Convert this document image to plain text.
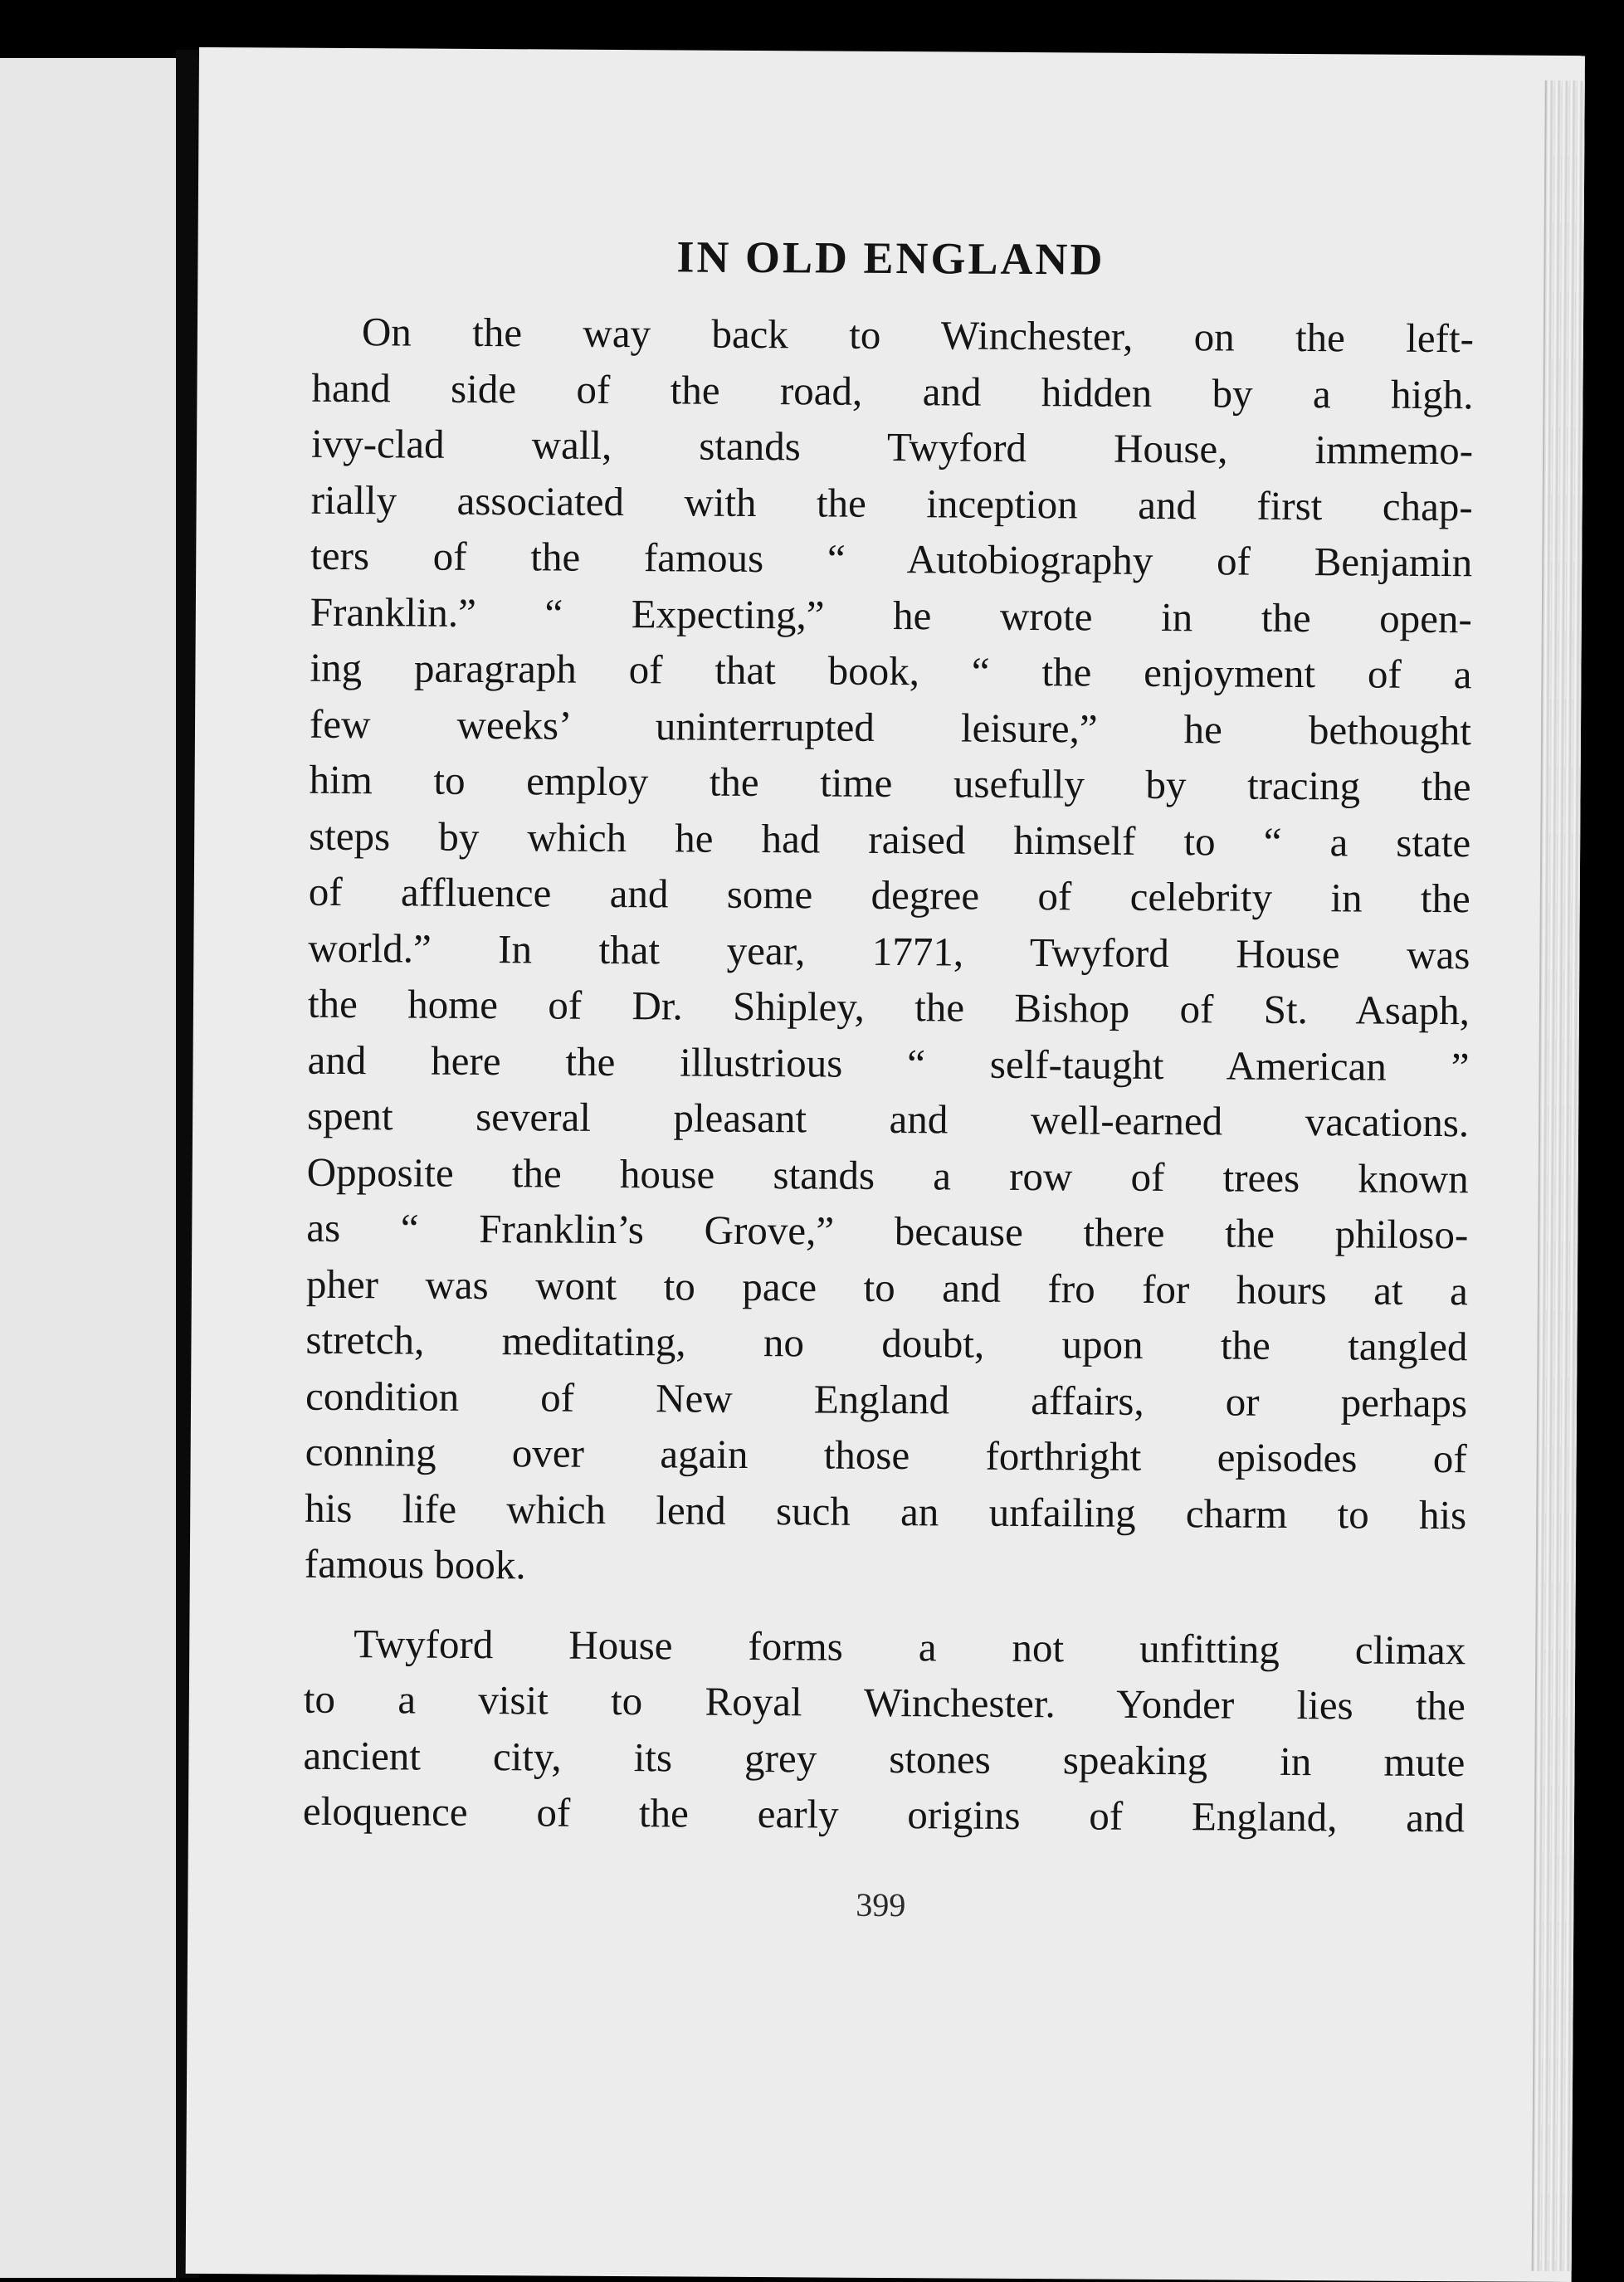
IN OLD ENGLAND
On the way back to Winchester, on the left-
hand side of the road, and hidden by a high.
ivy-clad wall, stands Twyford House, immemo-
rially associated with the inception and first chap-
ters of the famous “ Autobiography of Benjamin
Franklin.” “ Expecting,” he wrote in the open-
ing paragraph of that book, “ the enjoyment of a
few weeks’ uninterrupted leisure,” he bethought
him to employ the time usefully by tracing the
steps by which he had raised himself to “ a state
of affluence and some degree of celebrity in the
world.” In that year, 1771, Twyford House was
the home of Dr. Shipley, the Bishop of St. Asaph,
and here the illustrious “ self-taught American ”
spent several pleasant and well-earned vacations.
Opposite the house stands a row of trees known
as “ Franklin’s Grove,” because there the philoso-
pher was wont to pace to and fro for hours at a
stretch, meditating, no doubt, upon the tangled
condition of New England affairs, or perhaps
conning over again those forthright episodes of
his life which lend such an unfailing charm to his
famous book.
Twyford House forms a not unfitting climax
to a visit to Royal Winchester. Yonder lies the
ancient city, its grey stones speaking in mute
eloquence of the early origins of England, and
399
